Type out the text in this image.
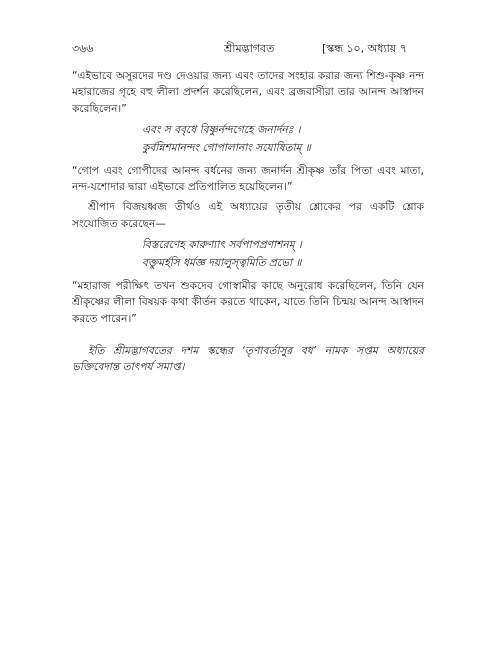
৩৬৬	শ্রীমদ্ভাগবত	[স্কন্ধ ১০, অধ্যায় ৭

“এইভাবে অসুরদের দণ্ড দেওয়ার জন্য এবং তাদের সংহার করার জন্য শিশু-কৃষ্ণ নন্দ মহারাজের গৃহে বহু লীলা প্রদর্শন করেছিলেন, এবং ব্রজবাসীরা তার আনন্দ আস্বাদন করেছিলেন।”

এবং স ববৃধে বিষ্ণুর্নন্দগেহে জনার্দনঃ ।
কুর্বন্নিশমানন্দং গোপালানাং সযোষিতাম্ ॥

“গোপ এবং গোপীদের আনন্দ বর্ধনের জন্য জনার্দন শ্রীকৃষ্ণ তাঁর পিতা এবং মাতা, নন্দ-যশোদার দ্বারা এইভাবে প্রতিপালিত হয়েছিলেন।”

শ্রীপাদ বিজয়ধ্বজ তীর্থও এই অধ্যায়ের তৃতীয় শ্লোকের পর একটি শ্লোক সংযোজিত করেছেন—

বিস্তরেণেহ কারুণ্যাৎ সর্বপাপপ্রণাশনম্ ।
বক্তুমর্হসি ধর্মজ্ঞ দয়ালুস্ত্বমিতি প্রভো ॥

“মহারাজ পরীক্ষিৎ তখন শুকদেব গোস্বামীর কাছে অনুরোধ করেছিলেন, তিনি যেন শ্রীকৃষ্ণের লীলা বিষয়ক কথা কীর্তন করতে থাকেন, যাতে তিনি চিন্ময় আনন্দ আস্বাদন করতে পারেন।”

ইতি শ্রীমদ্ভাগবতের দশম স্কন্ধের ‘তৃণাবর্তাসুর বধ’ নামক সপ্তম অধ্যায়ের ভক্তিবেদান্ত তাৎপর্য সমাপ্ত।
